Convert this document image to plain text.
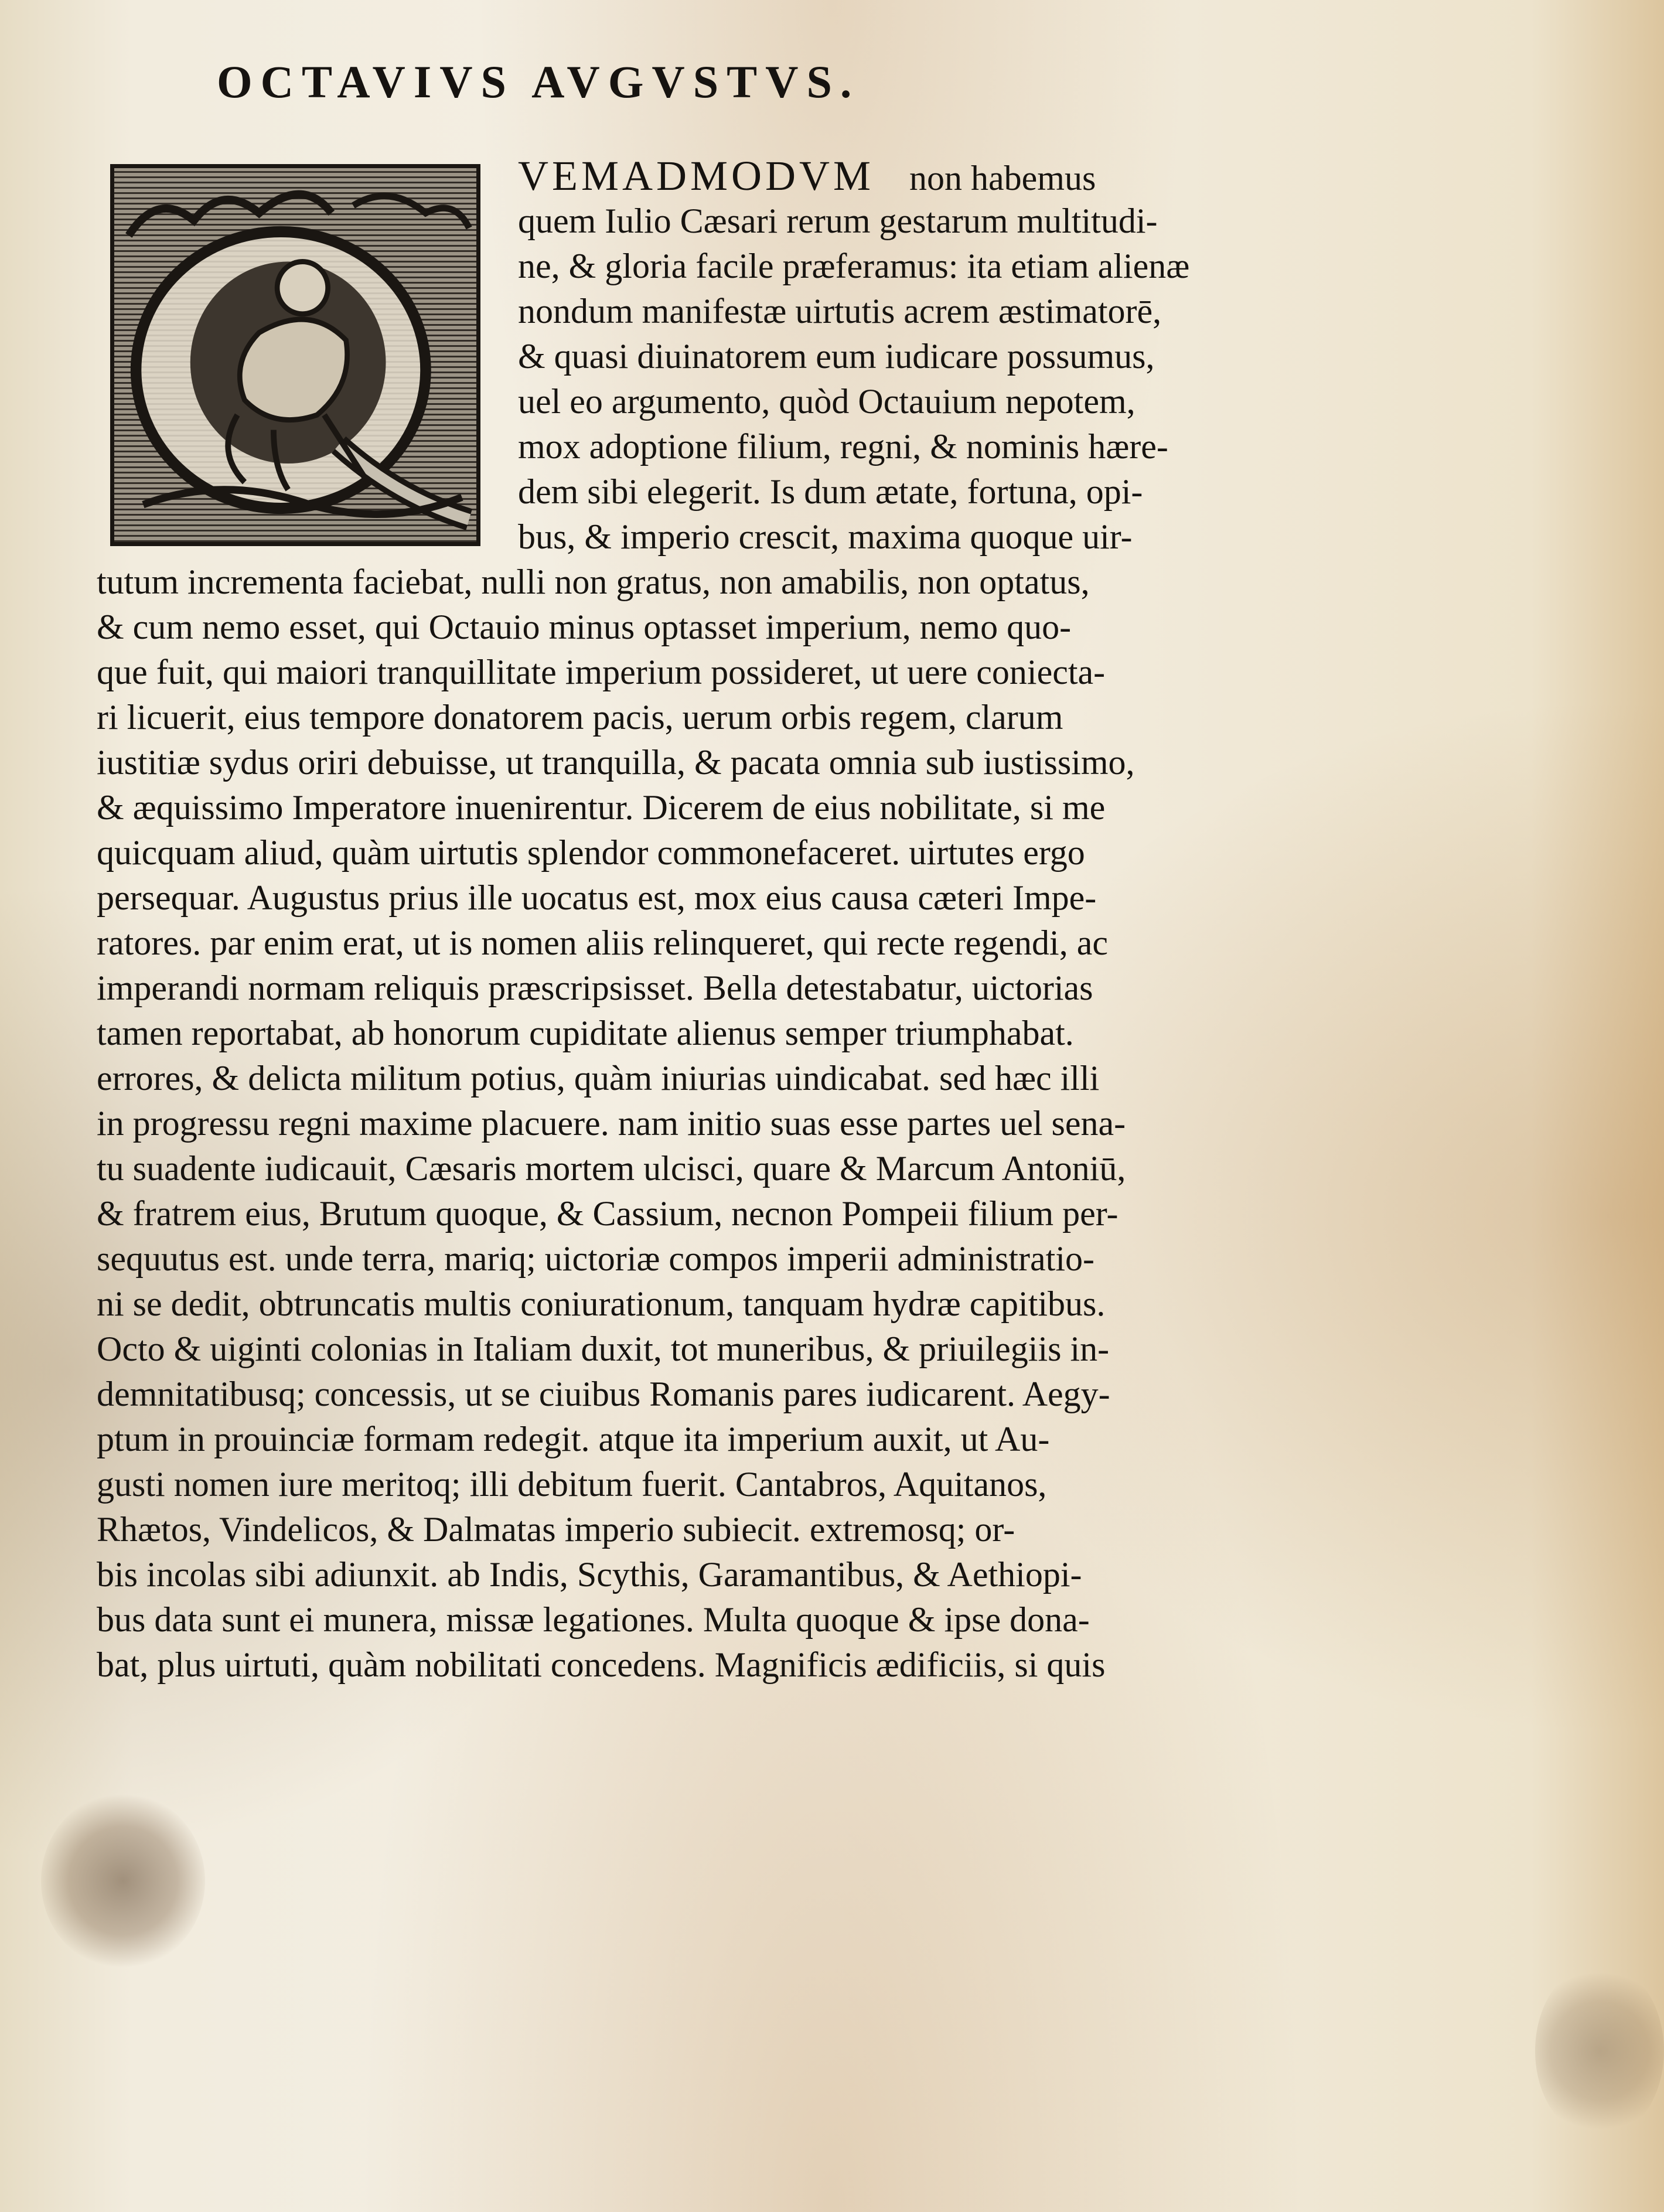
OCTAVIVS AVGVSTVS.
VEMADMODVM non habemus
quem Iulio Cæsari rerum gestarum multitudi-
ne, & gloria facile præferamus: ita etiam alienæ
nondum manifestæ uirtutis acrem æstimatorē,
& quasi diuinatorem eum iudicare possumus,
uel eo argumento, quòd Octauium nepotem,
mox adoptione filium, regni, & nominis hære-
dem sibi elegerit. Is dum ætate, fortuna, opi-
bus, & imperio crescit, maxima quoque uir-
tutum incrementa faciebat, nulli non gratus, non amabilis, non optatus,
& cum nemo esset, qui Octauio minus optasset imperium, nemo quo-
que fuit, qui maiori tranquillitate imperium possideret, ut uere coniecta-
ri licuerit, eius tempore donatorem pacis, uerum orbis regem, clarum
iustitiæ sydus oriri debuisse, ut tranquilla, & pacata omnia sub iustissimo,
& æquissimo Imperatore inuenirentur. Dicerem de eius nobilitate, si me
quicquam aliud, quàm uirtutis splendor commonefaceret. uirtutes ergo
persequar. Augustus prius ille uocatus est, mox eius causa cæteri Impe-
ratores. par enim erat, ut is nomen aliis relinqueret, qui recte regendi, ac
imperandi normam reliquis præscripsisset. Bella detestabatur, uictorias
tamen reportabat, ab honorum cupiditate alienus semper triumphabat.
errores, & delicta militum potius, quàm iniurias uindicabat. sed hæc illi
in progressu regni maxime placuere. nam initio suas esse partes uel sena-
tu suadente iudicauit, Cæsaris mortem ulcisci, quare & Marcum Antoniū,
& fratrem eius, Brutum quoque, & Cassium, necnon Pompeii filium per-
sequutus est. unde terra, mariq; uictoriæ compos imperii administratio-
ni se dedit, obtruncatis multis coniurationum, tanquam hydræ capitibus.
Octo & uiginti colonias in Italiam duxit, tot muneribus, & priuilegiis in-
demnitatibusq; concessis, ut se ciuibus Romanis pares iudicarent. Aegy-
ptum in prouinciæ formam redegit. atque ita imperium auxit, ut Au-
gusti nomen iure meritoq; illi debitum fuerit. Cantabros, Aquitanos,
Rhætos, Vindelicos, & Dalmatas imperio subiecit. extremosq; or-
bis incolas sibi adiunxit. ab Indis, Scythis, Garamantibus, & Aethiopi-
bus data sunt ei munera, missæ legationes. Multa quoque & ipse dona-
bat, plus uirtuti, quàm nobilitati concedens. Magnificis ædificiis, si quis
